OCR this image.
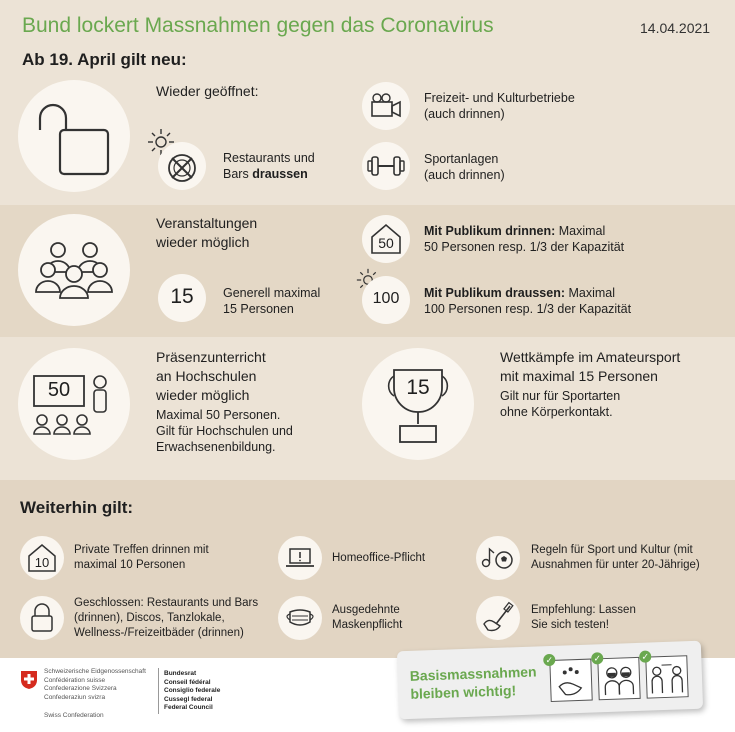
Bund lockert Massnahmen gegen das Coronavirus	14.04.2021
Ab 19. April gilt neu:
Wieder geöffnet:
Restaurants und
Bars draussen
Freizeit- und Kulturbetriebe
(auch drinnen)
Sportanlagen
(auch drinnen)
Veranstaltungen
wieder möglich
15	Generell maximal
15 Personen
50
Mit Publikum drinnen: Maximal
50 Personen resp. 1/3 der Kapazität
100	Mit Publikum draussen: Maximal
100 Personen resp. 1/3 der Kapazität
50
Präsenzunterricht
an Hochschulen
wieder möglich
Maximal 50 Personen.
Gilt für Hochschulen und
Erwachsenenbildung.
15
Wettkämpfe im Amateursport
mit maximal 15 Personen
Gilt nur für Sportarten
ohne Körperkontakt.
Weiterhin gilt:
10
Private Treffen drinnen mit
maximal 10 Personen
Homeoffice-Pflicht
Regeln für Sport und Kultur (mit
Ausnahmen für unter 20-Jährige)
Geschlossen: Restaurants und Bars
(drinnen), Discos, Tanzlokale,
Wellness-/Freizeitbäder (drinnen)
Ausgedehnte
Maskenpflicht
Empfehlung: Lassen
Sie sich testen!
Schweizerische Eidgenossenschaft
Confédération suisse
Confederazione Svizzera
Confederaziun svizra
Swiss Confederation
Bundesrat
Conseil fédéral
Consiglio federale
Cussegl federal
Federal Council
Basismassnahmen
bleiben wichtig!
✓	✓	✓
